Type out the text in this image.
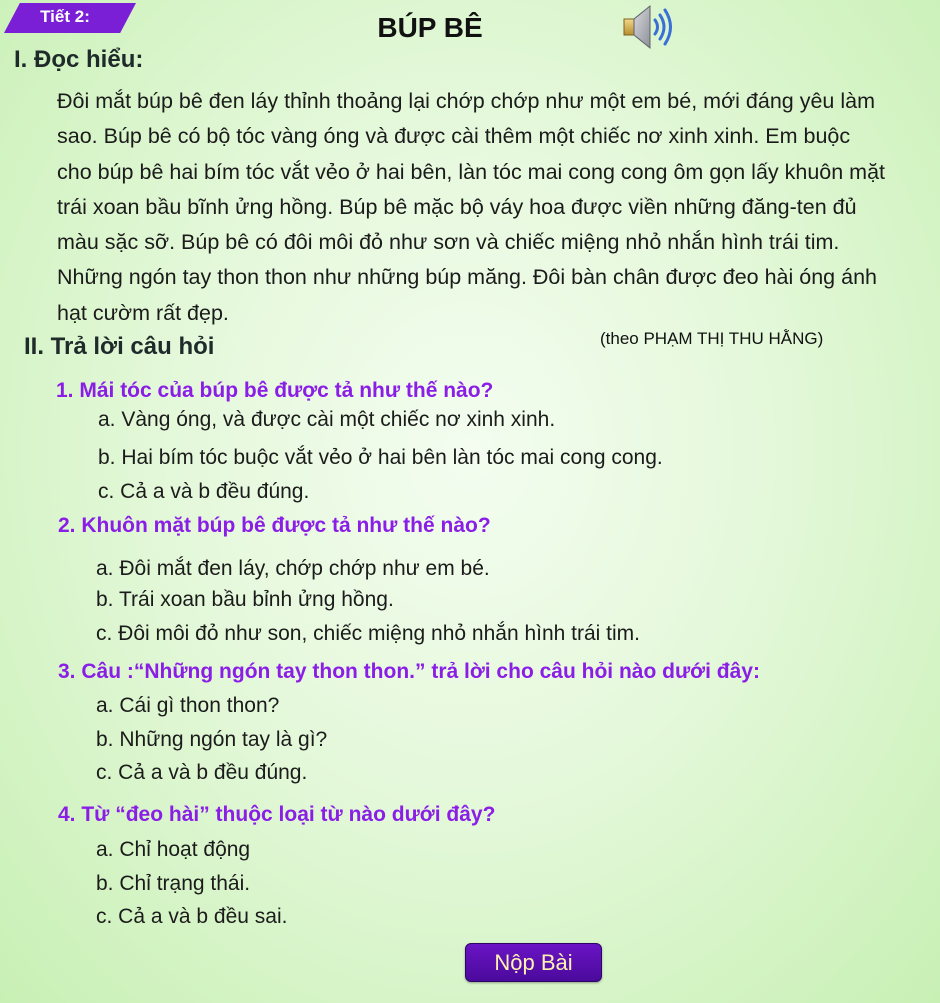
Tiết 2:	BÚP BÊ
I. Đọc hiểu:
Đôi mắt búp bê đen láy thỉnh thoảng lại chớp chớp như một em bé, mới đáng yêu làm sao. Búp bê có bộ tóc vàng óng và được cài thêm một chiếc nơ xinh xinh. Em buộc cho búp bê hai bím tóc vắt vẻo ở hai bên, làn tóc mai cong cong ôm gọn lấy khuôn mặt trái xoan bầu bĩnh ửng hồng. Búp bê mặc bộ váy hoa được viền những đăng-ten đủ màu sặc sỡ. Búp bê có đôi môi đỏ như sơn và chiếc miệng nhỏ nhắn hình trái tim. Những ngón tay thon thon như những búp măng. Đôi bàn chân được đeo hài óng ánh hạt cườm rất đẹp.
(theo PHẠM THỊ THU HẰNG)
II. Trả lời câu hỏi
1. Mái tóc của búp bê được tả như thế nào?
a. Vàng óng, và được cài một chiếc nơ xinh xinh.
b. Hai bím tóc buộc vắt vẻo ở hai bên làn tóc mai cong cong.
c. Cả a và b đều đúng.
2. Khuôn mặt búp bê được tả như thế nào?
a. Đôi mắt đen láy, chớp chớp như em bé.
b. Trái xoan bầu bỉnh ửng hồng.
c. Đôi môi đỏ như son, chiếc miệng nhỏ nhắn hình trái tim.
3. Câu :“Những ngón tay thon thon.” trả lời cho câu hỏi nào dưới đây:
a. Cái gì thon thon?
b. Những ngón tay là gì?
c. Cả a và b đều đúng.
4. Từ “đeo hài” thuộc loại từ nào dưới đây?
a. Chỉ hoạt động
b. Chỉ trạng thái.
c. Cả a và b đều sai.
Nộp Bài
